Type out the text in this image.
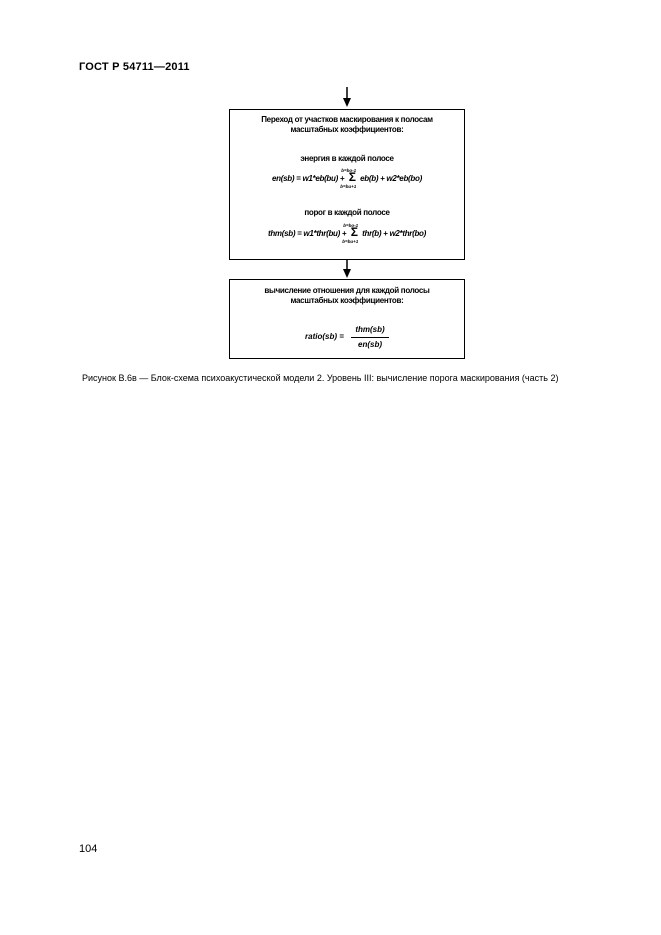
ГОСТ Р 54711—2011
Переход от участков маскирования к полосам
масштабных коэффициентов:
энергия в каждой полосе
en(sb) = w1*eb(bu) + Σ
b=bo-1
b=bu+1
eb(b) + w2*eb(bo)
порог в каждой полосе
thm(sb) = w1*thr(bu) + Σ
b=bo-1
b=bu+1
thr(b) + w2*thr(bo)
вычисление отношения для каждой полосы
масштабных коэффициентов:
ratio(sb) =
thm(sb)
en(sb)
Рисунок В.6в — Блок-схема психоакустической модели 2. Уровень III: вычисление порога маскирования (часть 2)
104
